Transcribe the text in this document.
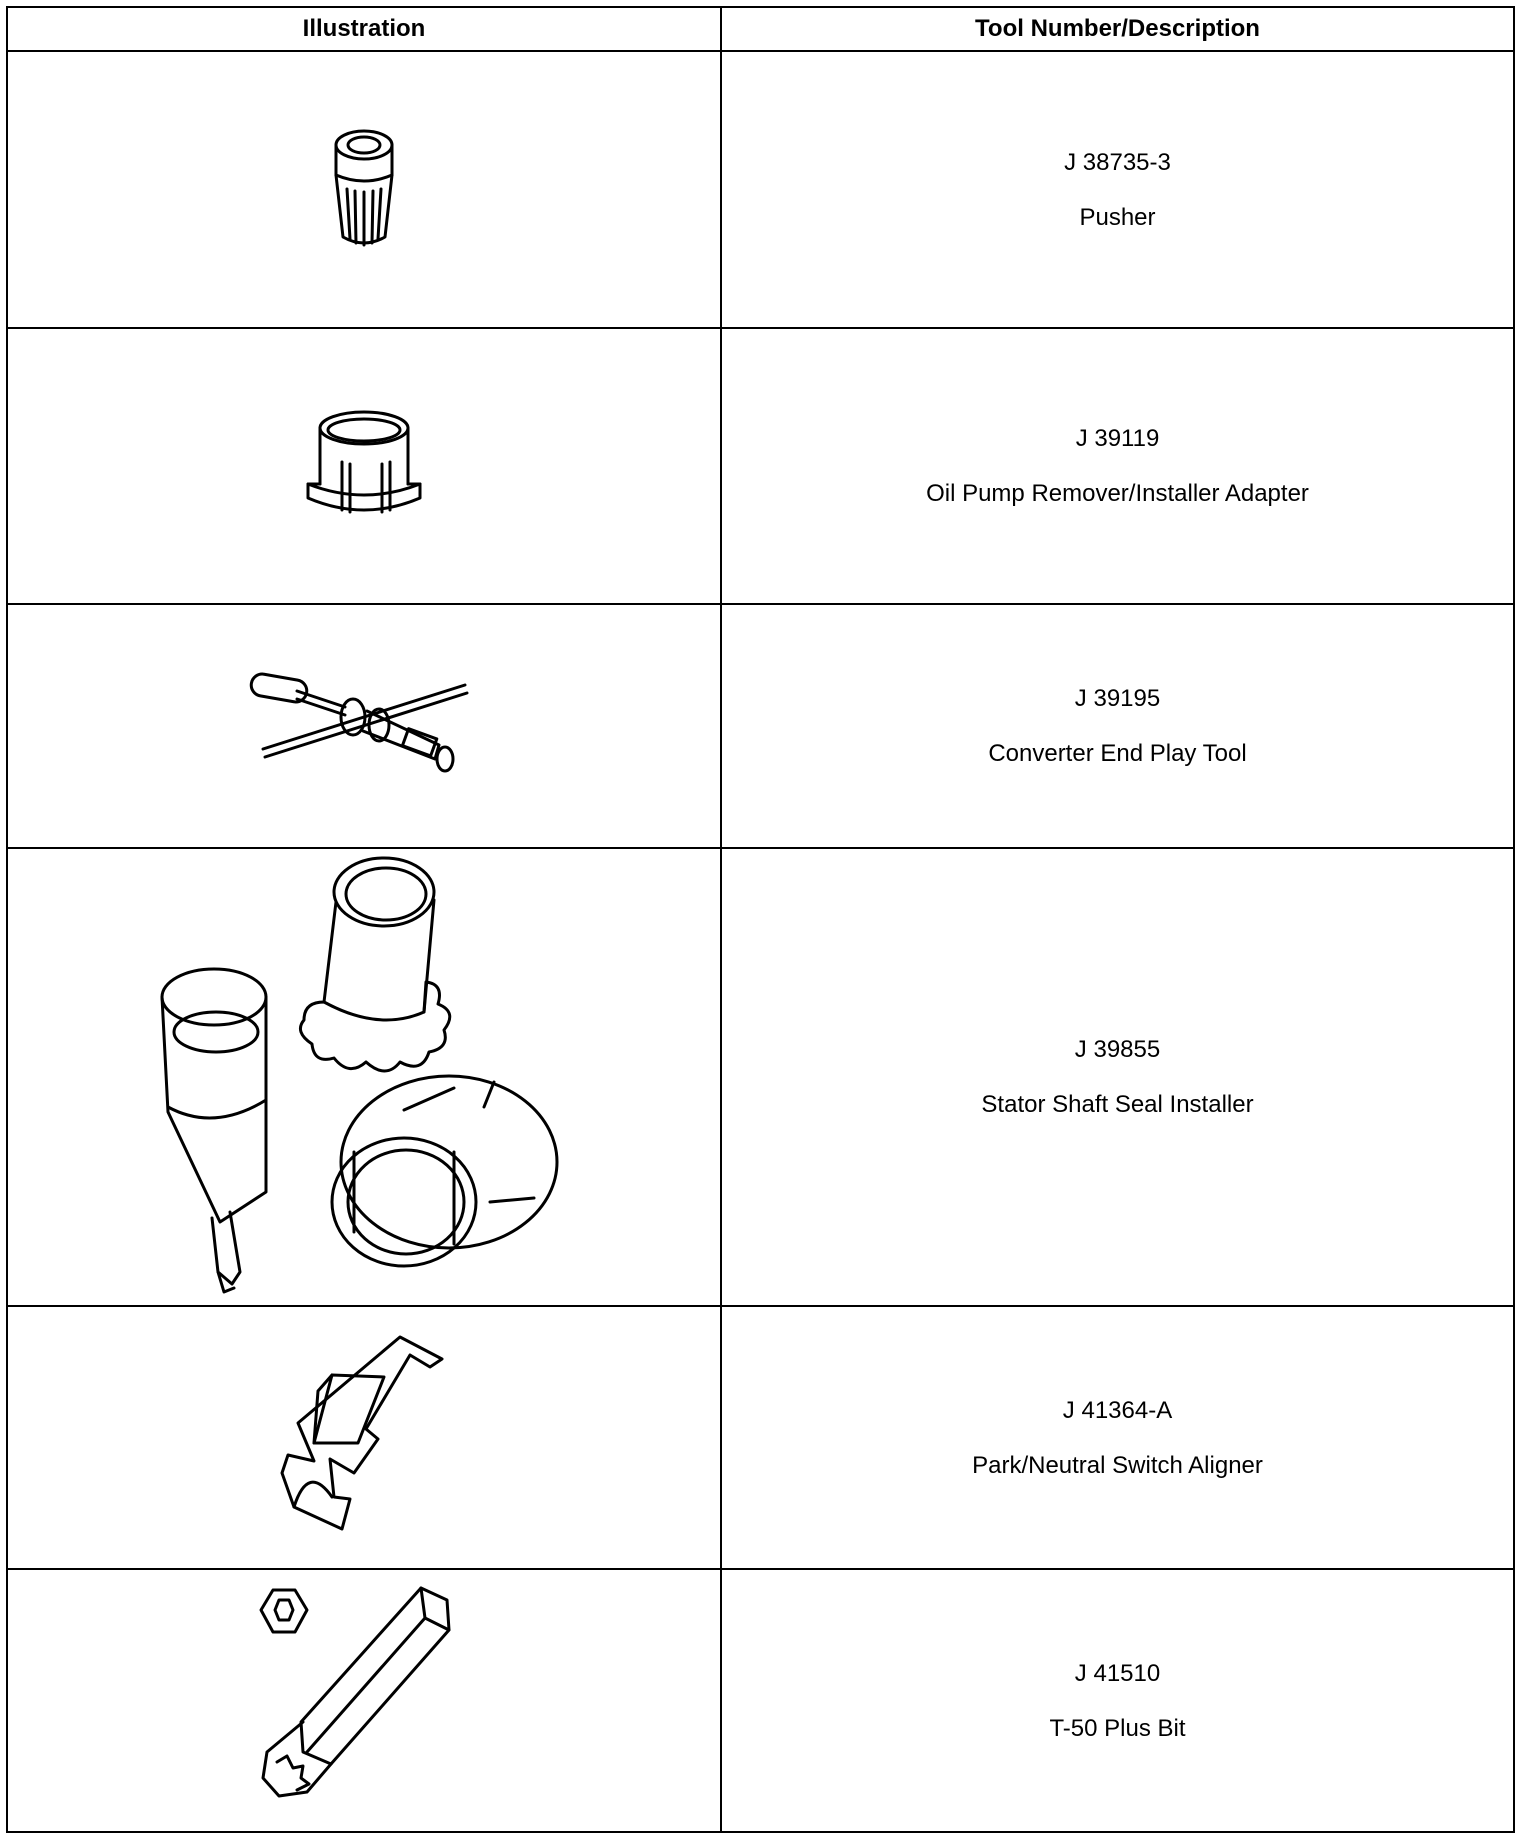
Illustration	Tool Number/Description

J 38735-3
Pusher

J 39119
Oil Pump Remover/Installer Adapter

J 39195
Converter End Play Tool

J 39855
Stator Shaft Seal Installer

J 41364-A
Park/Neutral Switch Aligner

J 41510
T-50 Plus Bit
